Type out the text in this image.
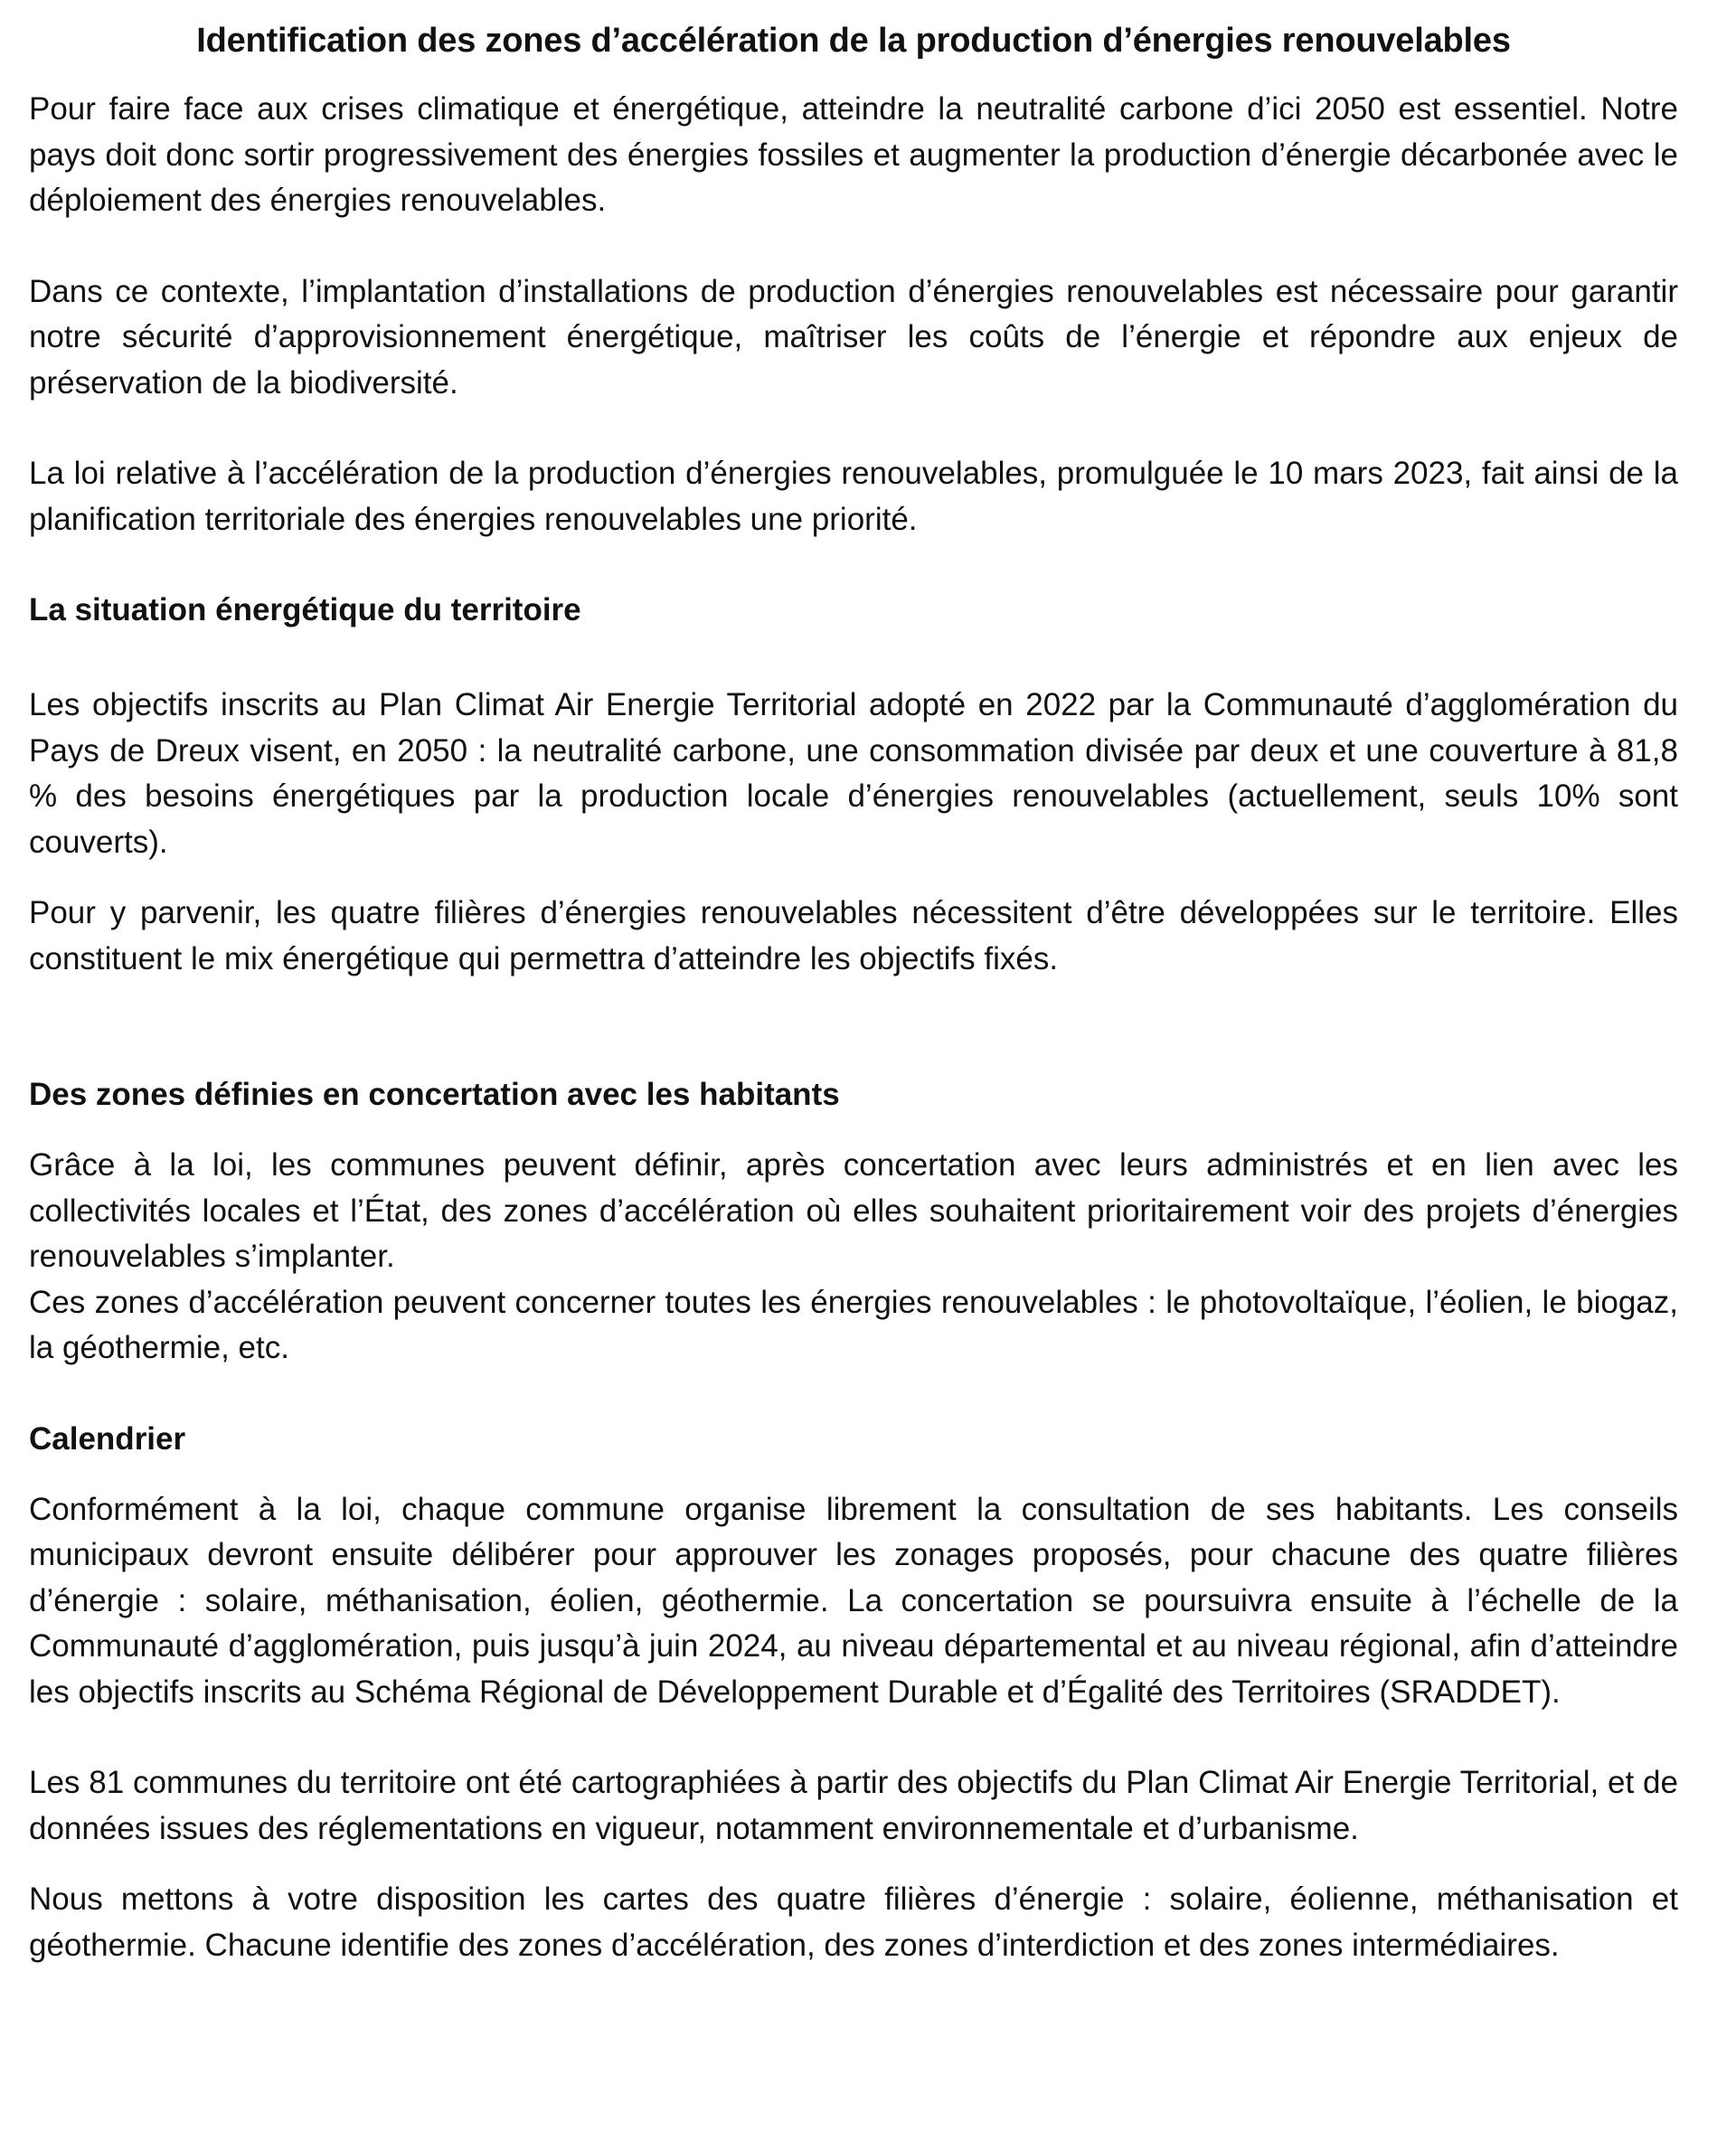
Identification des zones d’accélération de la production d’énergies renouvelables

Pour faire face aux crises climatique et énergétique, atteindre la neutralité carbone d’ici 2050 est essentiel. Notre pays doit donc sortir progressivement des énergies fossiles et augmenter la production d’énergie décarbonée avec le déploiement des énergies renouvelables.

Dans ce contexte, l’implantation d’installations de production d’énergies renouvelables est nécessaire pour garantir notre sécurité d’approvisionnement énergétique, maîtriser les coûts de l’énergie et répondre aux enjeux de préservation de la biodiversité.

La loi relative à l’accélération de la production d’énergies renouvelables, promulguée le 10 mars 2023, fait ainsi de la planification territoriale des énergies renouvelables une priorité.

La situation énergétique du territoire

Les objectifs inscrits au Plan Climat Air Energie Territorial adopté en 2022 par la Communauté d’agglomération du Pays de Dreux visent, en 2050 : la neutralité carbone, une consommation divisée par deux et une couverture à 81,8 % des besoins énergétiques par la production locale d’énergies renouvelables (actuellement, seuls 10% sont couverts).

Pour y parvenir, les quatre filières d’énergies renouvelables nécessitent d’être développées sur le territoire. Elles constituent le mix énergétique qui permettra d’atteindre les objectifs fixés.

Des zones définies en concertation avec les habitants

Grâce à la loi, les communes peuvent définir, après concertation avec leurs administrés et en lien avec les collectivités locales et l’État, des zones d’accélération où elles souhaitent prioritairement voir des projets d’énergies renouvelables s’implanter.

Ces zones d’accélération peuvent concerner toutes les énergies renouvelables : le photovoltaïque, l’éolien, le biogaz, la géothermie, etc.

Calendrier

Conformément à la loi, chaque commune organise librement la consultation de ses habitants. Les conseils municipaux devront ensuite délibérer pour approuver les zonages proposés, pour chacune des quatre filières d’énergie : solaire, méthanisation, éolien, géothermie. La concertation se poursuivra ensuite à l’échelle de la Communauté d’agglomération, puis jusqu’à juin 2024, au niveau départemental et au niveau régional, afin d’atteindre les objectifs inscrits au Schéma Régional de Développement Durable et d’Égalité des Territoires (SRADDET).

Les 81 communes du territoire ont été cartographiées à partir des objectifs du Plan Climat Air Energie Territorial, et de données issues des réglementations en vigueur, notamment environnementale et d’urbanisme.

Nous mettons à votre disposition les cartes des quatre filières d’énergie : solaire, éolienne, méthanisation et géothermie. Chacune identifie des zones d’accélération, des zones d’interdiction et des zones intermédiaires.
